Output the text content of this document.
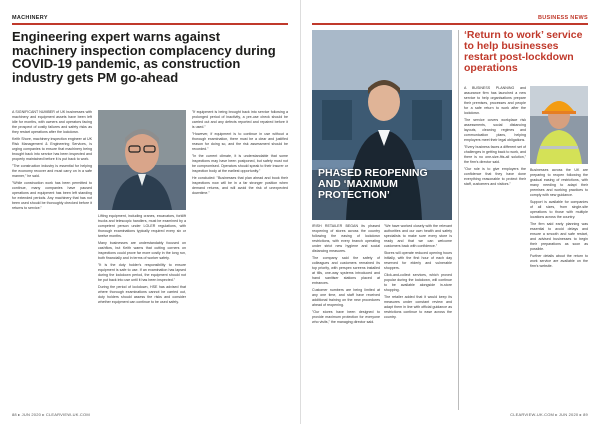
MACHINERY
Engineering expert warns against machinery inspection complacency during COVID-19 pandemic, as construction industry gets PM go-ahead

A SIGNIFICANT NUMBER of UK businesses with machinery and equipment assets have been left idle for months, with owners and operators facing the prospect of costly failures and safety risks as they restart operations after the lockdown.

Keith Shore, machinery inspection engineer at UK Risk Management & Engineering Services, is urging companies to ensure that machinery being brought back into service has been inspected and properly maintained before it is put back to work.

"The construction industry is essential for helping the economy recover and must carry on in a safe manner," he said.

"While construction work has been permitted to continue, many companies have paused operations and equipment has been left standing for extended periods. Any machinery that has not been used should be thoroughly checked before it returns to service."

Lifting equipment, including cranes, excavators, forklift trucks and telescopic handlers, must be examined by a competent person under LOLER regulations, with thorough examinations typically required every six or twelve months.

Many businesses are understandably focused on cashflow, but Keith warns that cutting corners on inspections could prove far more costly in the long run, both financially and in terms of worker safety.

"It is the duty holder's responsibility to ensure equipment is safe to use. If an examination has lapsed during the lockdown period, the equipment should not be put back into use until it has been inspected."

During the period of lockdown, HSE has advised that where thorough examinations cannot be carried out, duty holders should assess the risks and consider whether equipment can continue to be used safely.

"If equipment is being brought back into service following a prolonged period of inactivity, a pre-use check should be carried out and any defects reported and repaired before it is used."

"However, if equipment is to continue in use without a thorough examination, there must be a clear and justified reason for doing so, and the risk assessment should be recorded."

"In the current climate, it is understandable that some inspections may have been postponed, but safety must not be compromised. Operators should speak to their insurer or inspection body at the earliest opportunity."

He concluded: "Businesses that plan ahead and book their inspections now will be in a far stronger position when demand returns, and will avoid the risk of unexpected downtime."

88 ▸ JUN 2020 ▸ CLEARVIEW-UK.COM
BUSINESS NEWS
PHASED REOPENING AND ‘MAXIMUM PROTECTION’

IRISH RETAILER BEGAN its phased reopening of stores across the country following the easing of lockdown restrictions, with every branch operating under strict new hygiene and social distancing measures.

The company said the safety of colleagues and customers remained its top priority, with perspex screens installed at tills, one-way systems introduced and hand sanitiser stations placed at entrances.

Customer numbers are being limited at any one time, and staff have received additional training on the new procedures ahead of reopening.

"Our stores have been designed to provide maximum protection for everyone who visits," the managing director said.

"We have worked closely with the relevant authorities and our own health and safety specialists to make sure every store is ready and that we can welcome customers back with confidence."

Stores will operate reduced opening hours initially, with the first hour of each day reserved for elderly and vulnerable shoppers.

Click-and-collect services, which proved popular during the lockdown, will continue to be available alongside in-store shopping.

The retailer added that it would keep its measures under constant review and adapt them in line with official guidance as restrictions continue to ease across the country.

‘Return to work’ service to help businesses restart post-lockdown operations

A BUSINESS PLANNING and assurance firm has launched a new service to help organisations prepare their premises, processes and people for a safe return to work after the lockdown.

The service covers workplace risk assessments, social distancing layouts, cleaning regimes and communication plans, helping employers meet their legal obligations.

"Every business faces a different set of challenges in getting back to work, and there is no one-size-fits-all solution," the firm's director said.

"Our role is to give employers the confidence that they have done everything reasonable to protect their staff, customers and visitors."

Businesses across the UK are preparing to reopen following the gradual easing of restrictions, with many needing to adapt their premises and working practices to comply with new guidance.

Support is available for companies of all sizes, from single-site operations to those with multiple locations across the country.

The firm said early planning was essential to avoid delays and ensure a smooth and safe restart, and advised businesses to begin their preparations as soon as possible.

Further details about the return to work service are available on the firm's website.

CLEARVIEW-UK.COM ▸ JUN 2020 ▸ 89
